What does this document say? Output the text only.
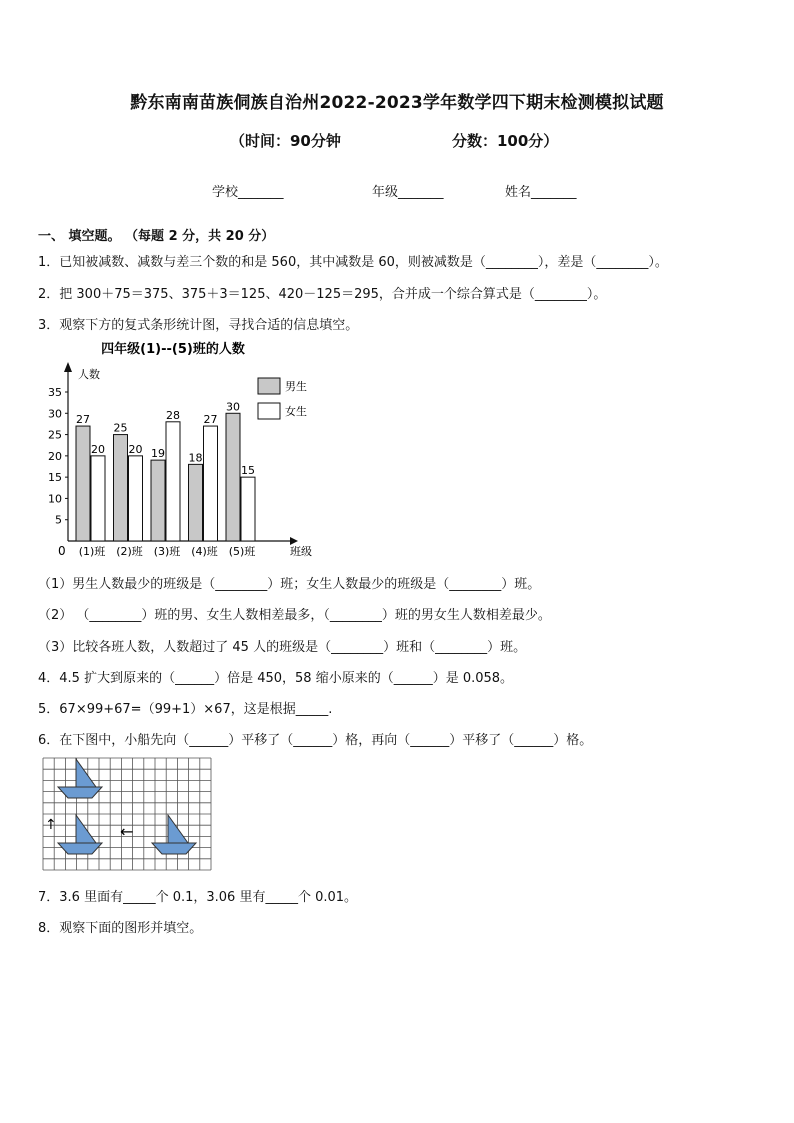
黔东南南苗族侗族自治州2022-2023学年数学四下期末检测模拟试题
（时间：90分钟	分数：100分）
学校_______	年级_______	姓名_______
一、 填空题。 （每题 2 分，共 20 分）
1．已知被减数、减数与差三个数的和是 560，其中减数是 60，则被减数是（________），差是（________）。
2．把 300＋75＝375、375＋3＝125、420－125＝295，合并成一个综合算式是（________）。
3．观察下方的复式条形统计图，寻找合适的信息填空。
四年级(1)--(5)班的人数
人数
班级
0
5
10
15
20
25
30
35
27
20
(1)班
25
20
(2)班
19
28
(3)班
18
27
(4)班
30
15
(5)班
男生
女生
（1）男生人数最少的班级是（________）班；女生人数最少的班级是（________）班。
（2） （________）班的男、女生人数相差最多，（________）班的男女生人数相差最少。
（3）比较各班人数，人数超过了 45 人的班级是（________）班和（________）班。
4．4.5 扩大到原来的（______）倍是 450，58 缩小原来的（______）是 0.058。
5．67×99+67=（99+1）×67，这是根据_____.
6．在下图中，小船先向（______）平移了（______）格，再向（______）平移了（______）格。
↑	←
7．3.6 里面有_____个 0.1，3.06 里有_____个 0.01。
8．观察下面的图形并填空。
